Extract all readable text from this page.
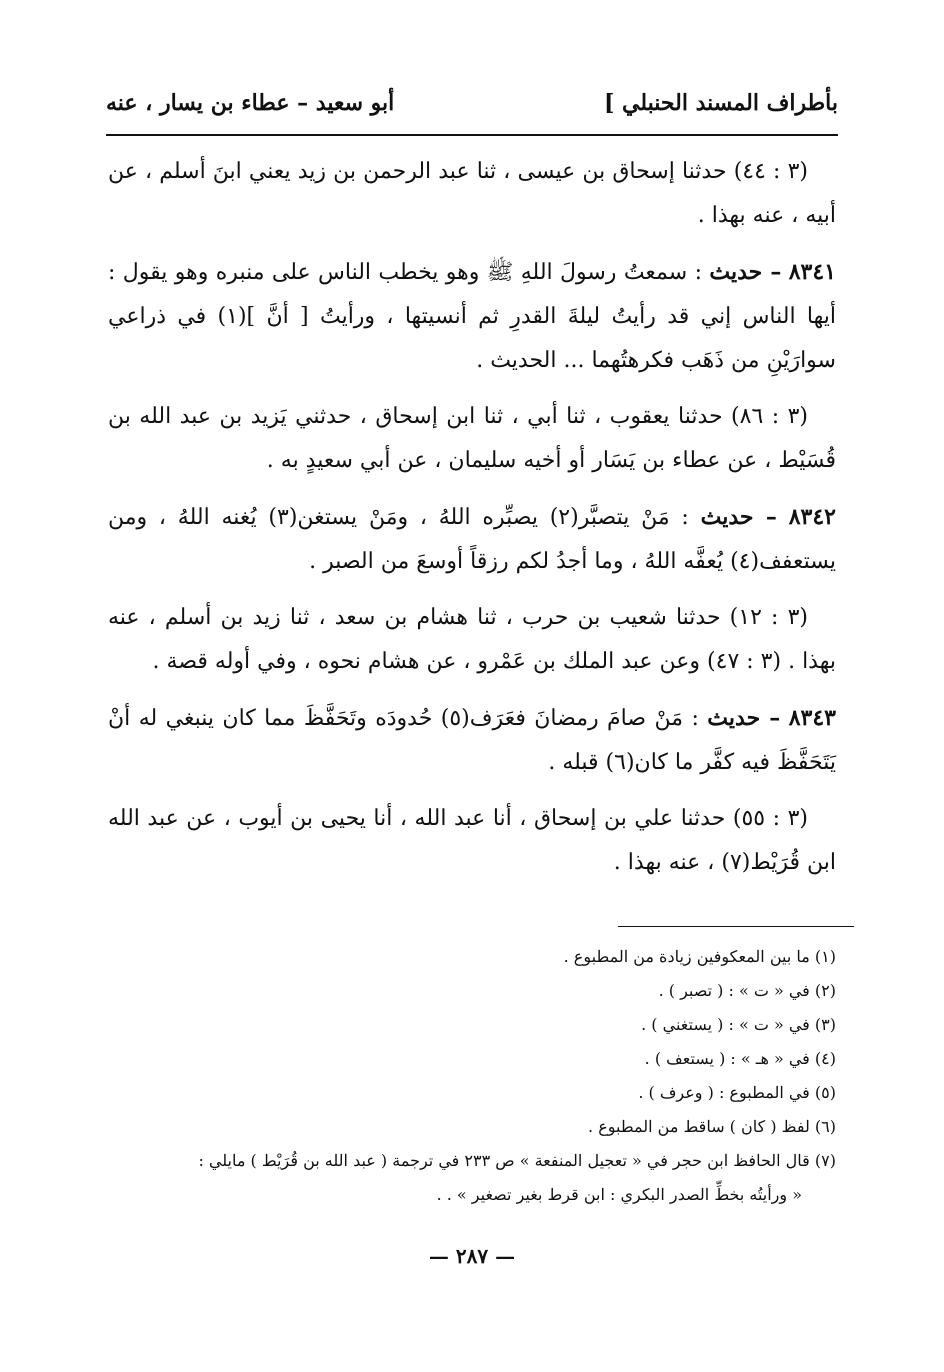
بأطراف المسند الحنبلي ]
أبو سعيد – عطاء بن يسار ، عنه

(٣ : ٤٤) حدثنا إسحاق بن عيسى ، ثنا عبد الرحمن بن زيد يعني ابنَ أسلم ، عن أبيه ، عنه بهذا .

٨٣٤١ – حديث : سمعتُ رسولَ اللهِ ﷺ وهو يخطب الناس على منبره وهو يقول : أيها الناس إني قد رأيتُ ليلةَ القدرِ ثم أنسيتها ، ورأيتُ [ أنَّ ](١) في ذراعي سوارَيْنِ من ذَهَب فكرهتُهما ... الحديث .

(٣ : ٨٦) حدثنا يعقوب ، ثنا أبي ، ثنا ابن إسحاق ، حدثني يَزيد بن عبد الله بن قُسَيْط ، عن عطاء بن يَسَار أو أخيه سليمان ، عن أبي سعيدٍ به .

٨٣٤٢ – حديث : مَنْ يتصبَّر(٢) يصبِّره اللهُ ، ومَنْ يستغن(٣) يُغنه اللهُ ، ومن يستعفف(٤) يُعفَّه اللهُ ، وما أجدُ لكم رزقاً أوسعَ من الصبر .

(٣ : ١٢) حدثنا شعيب بن حرب ، ثنا هشام بن سعد ، ثنا زيد بن أسلم ، عنه بهذا . (٣ : ٤٧) وعن عبد الملك بن عَمْرو ، عن هشام نحوه ، وفي أوله قصة .

٨٣٤٣ – حديث : مَنْ صامَ رمضانَ فعَرَف(٥) حُدودَه وتَحَفَّظَ مما كان ينبغي له أنْ يَتَحَفَّظَ فيه كفَّر ما كان(٦) قبله .

(٣ : ٥٥) حدثنا علي بن إسحاق ، أنا عبد الله ، أنا يحيى بن أيوب ، عن عبد الله ابن قُرَيْط(٧) ، عنه بهذا .

(١) ما بين المعكوفين زيادة من المطبوع .

(٢) في « ت » : ( تصبر ) .

(٣) في « ت » : ( يستغني ) .

(٤) في « هـ » : ( يستعف ) .

(٥) في المطبوع : ( وعرف ) .

(٦) لفظ ( كان ) ساقط من المطبوع .

(٧) قال الحافظ ابن حجر في « تعجيل المنفعة » ص ٢٣٣ في ترجمة ( عبد الله بن قُرَيْط ) مايلي :

« ورأيتُه بخطِّ الصدر البكري : ابن قرط بغير تصغير » . .

— ٢٨٧ —
